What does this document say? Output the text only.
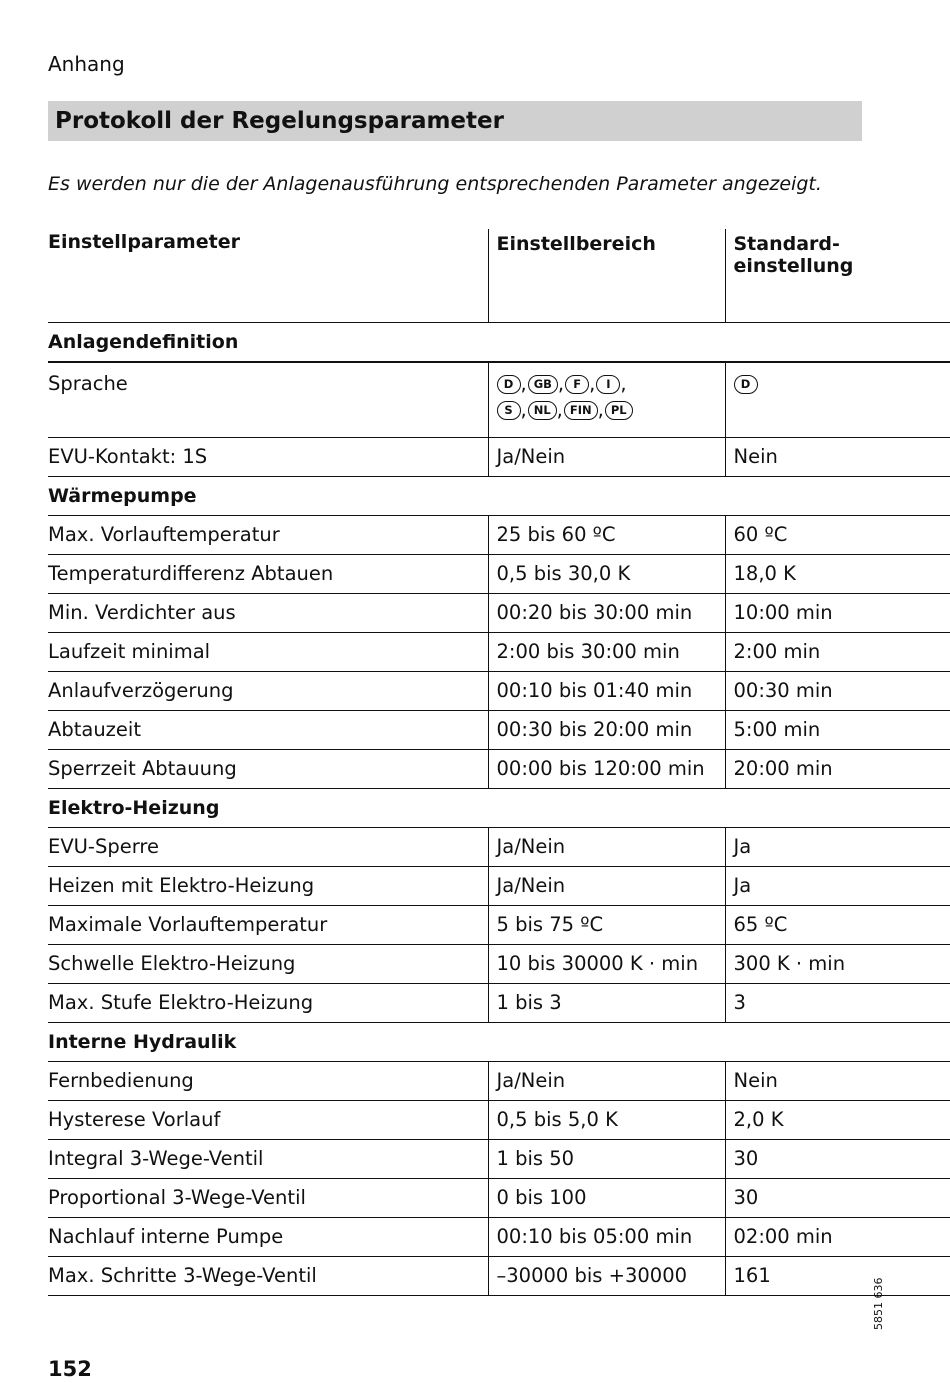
Anhang
Protokoll der Regelungsparameter
Es werden nur die der Anlagenausführung entsprechenden Parameter angezeigt.
Einstellparameter	Einstellbereich	Standard-
einstellung
Anlagendefinition		
Sprache	D ,GB ,F ,I ,
S ,NL ,FIN ,PL	D
EVU-Kontakt: 1S	Ja/Nein	Nein
Wärmepumpe		
Max. Vorlauftemperatur	25 bis 60 ºC	60 ºC
Temperaturdifferenz Abtauen	0,5 bis 30,0 K	18,0 K
Min. Verdichter aus	00:20 bis 30:00 min	10:00 min
Laufzeit minimal	2:00 bis 30:00 min	2:00 min
Anlaufverzögerung	00:10 bis 01:40 min	00:30 min
Abtauzeit	00:30 bis 20:00 min	5:00 min
Sperrzeit Abtauung	00:00 bis 120:00 min	20:00 min
Elektro-Heizung		
EVU-Sperre	Ja/Nein	Ja
Heizen mit Elektro-Heizung	Ja/Nein	Ja
Maximale Vorlauftemperatur	5 bis 75 ºC	65 ºC
Schwelle Elektro-Heizung	10 bis 30000 K · min	300 K · min
Max. Stufe Elektro-Heizung	1 bis 3	3
Interne Hydraulik		
Fernbedienung	Ja/Nein	Nein
Hysterese Vorlauf	0,5 bis 5,0 K	2,0 K
Integral 3-Wege-Ventil	1 bis 50	30
Proportional 3-Wege-Ventil	0 bis 100	30
Nachlauf interne Pumpe	00:10 bis 05:00 min	02:00 min
Max. Schritte 3-Wege-Ventil	–30000 bis +30000	161
5851 636
152
